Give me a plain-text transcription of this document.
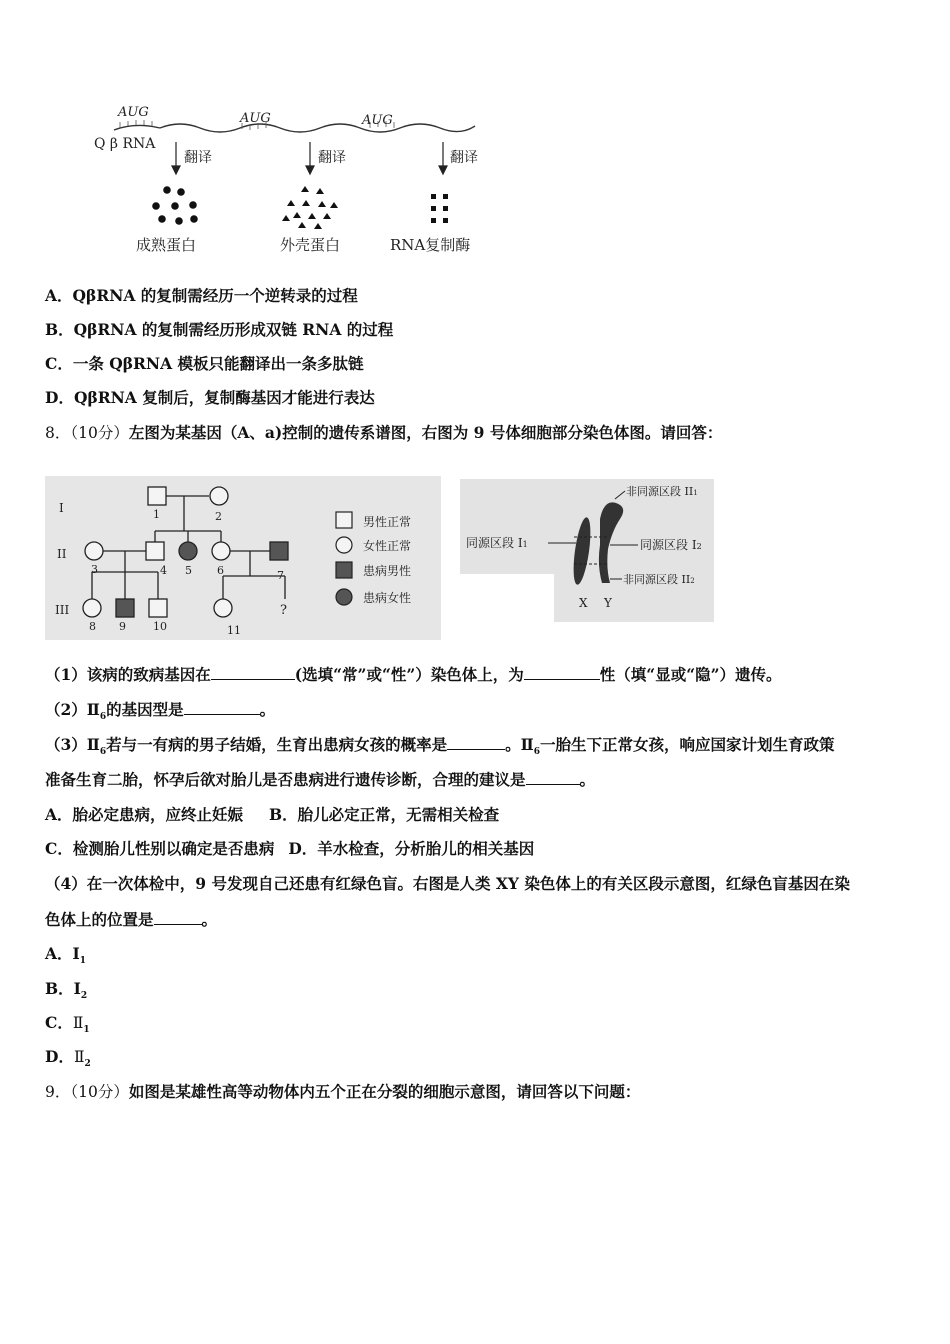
Q β RNA
AUG	AUG	AUG
翻译	翻译	翻译
成熟蛋白	外壳蛋白	RNA复制酶
A．QβRNA 的复制需经历一个逆转录的过程
B．QβRNA 的复制需经历形成双链 RNA 的过程
C．一条 QβRNA 模板只能翻译出一条多肽链
D．QβRNA 复制后，复制酶基因才能进行表达
8．（10分）左图为某基因（A、a)控制的遗传系谱图，右图为 9 号体细胞部分染色体图。请回答：
I
II
III
1	2
3	4 5 6	7
8 9 10	11
?
男性正常
女性正常
患病男性
患病女性
同源区段 I1
非同源区段 II1
同源区段 I2
非同源区段 II2
X Y
（1）该病的致病基因在	(选填“常”或“性”）染色体上，为	性（填“显或“隐”）遗传。
$(2)Ⅱ_6$的基因型是	。
$(3)Ⅱ_6$若与一有病的男子结婚，生育出患病女孩的概率是	。$Ⅱ_6$一胎生下正常女孩，响应国家计划生育政策
准备生育二胎，怀孕后欲对胎儿是否患病进行遗传诊断，合理的建议是	。
A．胎必定患病，应终止妊娠 B．胎儿必定正常，无需相关检查
C．检测胎儿性别以确定是否患病 D．羊水检查，分析胎儿的相关基因
（4）在一次体检中，9 号发现自己还患有红绿色盲。右图是人类 XY 染色体上的有关区段示意图，红绿色盲基因在染
色体上的位置是	。
A．$I_1$
B．$I_2$
C．$Ⅱ_1$
D．$Ⅱ_2$
9．（10分）如图是某雄性高等动物体内五个正在分裂的细胞示意图，请回答以下问题：
